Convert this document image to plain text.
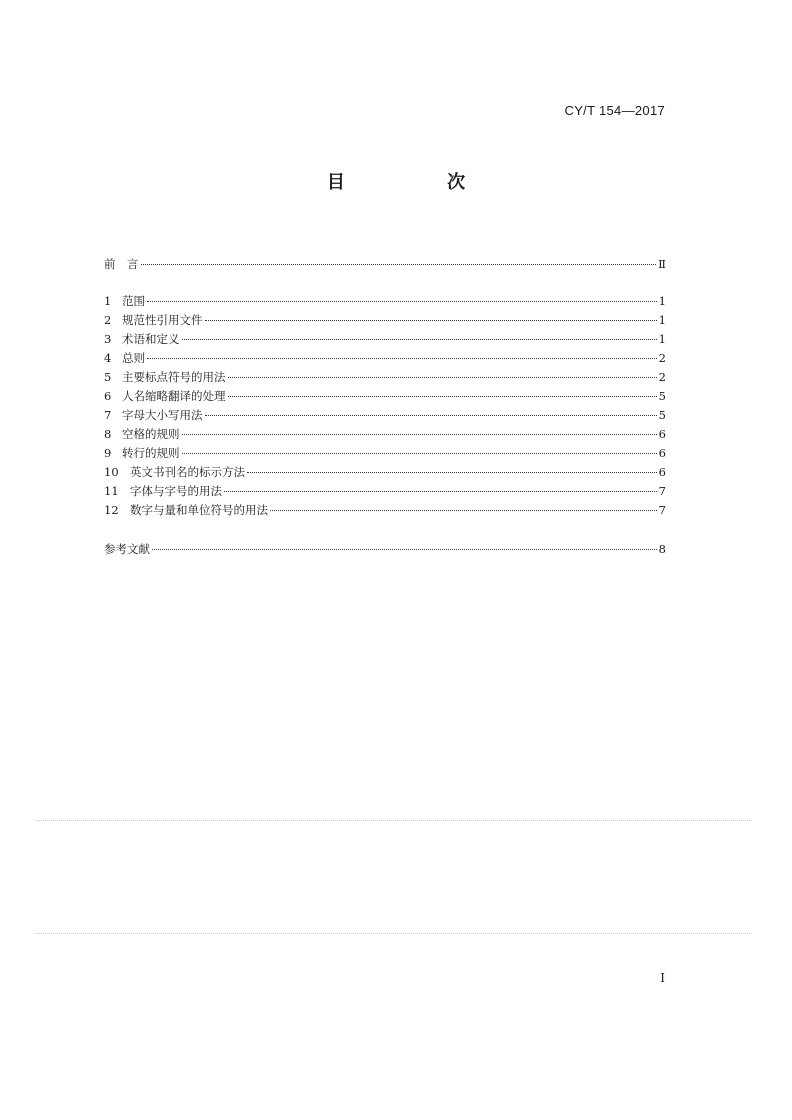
CY/T 154—2017
目 次
前　言	Ⅱ
1 范围	1
2 规范性引用文件	1
3 术语和定义	1
4 总则	2
5 主要标点符号的用法	2
6 人名缩略翻译的处理	5
7 字母大小写用法	5
8 空格的规则	6
9 转行的规则	6
10 英文书刊名的标示方法	6
11 字体与字号的用法	7
12 数字与量和单位符号的用法	7
参考文献	8
I
